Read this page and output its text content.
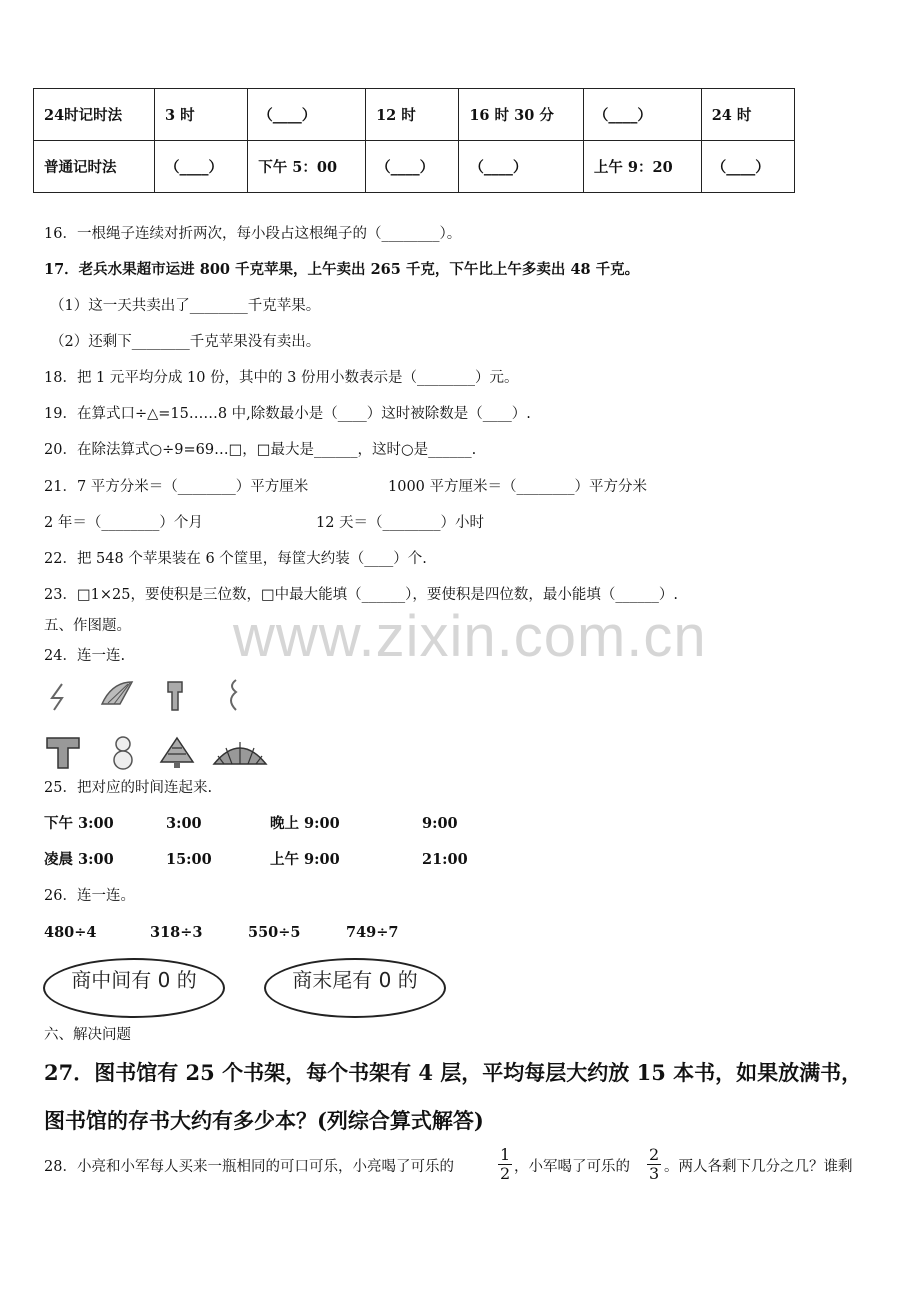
24时记时法	3 时	（____）	12 时	16 时 30 分	（____）	24 时
普通记时法	（____）	下午 5：00	（____）	（____）	上午 9：20	（____）
16．一根绳子连续对折两次，每小段占这根绳子的（________）。
17．老兵水果超市运进 800 千克苹果，上午卖出 265 千克，下午比上午多卖出 48 千克。
（1）这一天共卖出了________千克苹果。
（2）还剩下________千克苹果没有卖出。
18．把 1 元平均分成 10 份，其中的 3 份用小数表示是（________）元。
19．在算式口÷△=15……8 中,除数最小是（____）这时被除数是（____）.
20．在除法算式○÷9=69…□，□最大是______，这时○是______.
21．7 平方分米＝（________）平方厘米	1000 平方厘米＝（________）平方分米
2 年＝（________）个月	12 天＝（________）小时
22．把 548 个苹果装在 6 个筐里，每筐大约装（____）个.
23．□1×25，要使积是三位数，□中最大能填（______），要使积是四位数，最小能填（______）.
五、作图题。 www.zixin.com.cn
24．连一连.
25．把对应的时间连起来.
下午 3:00	3:00	晚上 9:00	9:00
凌晨 3:00	15:00	上午 9:00	21:00
26．连一连。
480÷4	318÷3	550÷5	749÷7
商中间有 0 的	商末尾有 0 的
六、解决问题
27．图书馆有 25 个书架，每个书架有 4 层，平均每层大约放 15 本书，如果放满书，
图书馆的存书大约有多少本？(列综合算式解答)
28．小亮和小军每人买来一瓶相同的可口可乐，小亮喝了可乐的	$\frac{1}{2}$ ，小军喝了可乐的 $\frac{2}{3}$ 。两人各剩下几分之几？谁剩
